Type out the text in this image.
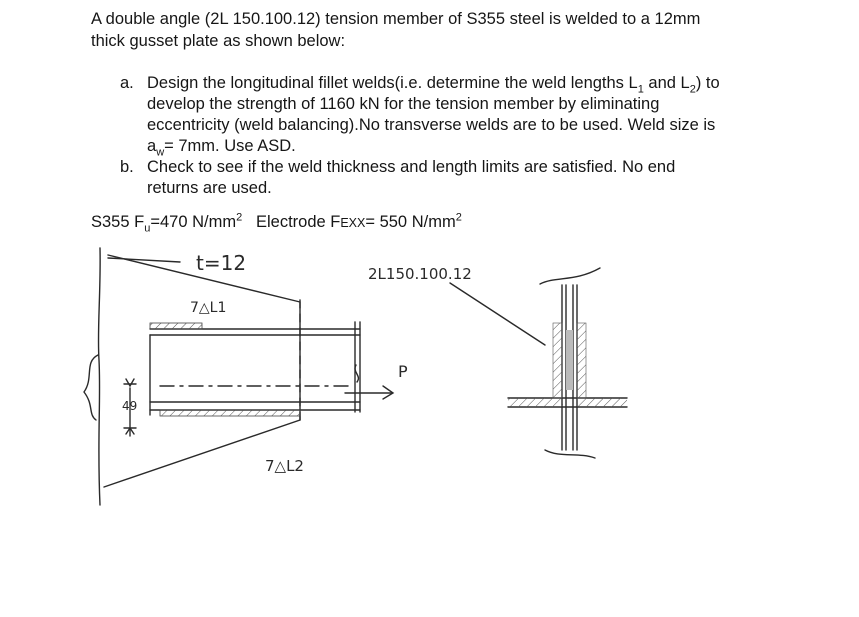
A double angle (2L 150.100.12) tension member of S355 steel is welded to a 12mm
thick gusset plate as shown below:
a. Design the longitudinal fillet welds(i.e. determine the weld lengths $L_1$ and $L_2$) to
develop the strength of 1160 kN for the tension member by eliminating
eccentricity (weld balancing).No transverse welds are to be used. Weld size is
$a_w= 7mm$. Use ASD.
b. Check to see if the weld thickness and length limits are satisfied. No end
returns are used.
S355 $F_u=470$ $N/mm^2$ Electrode FEXX= 550 $N/mm^2$
t=12	2L150.100.12
7△L1
7△L2
49
P
